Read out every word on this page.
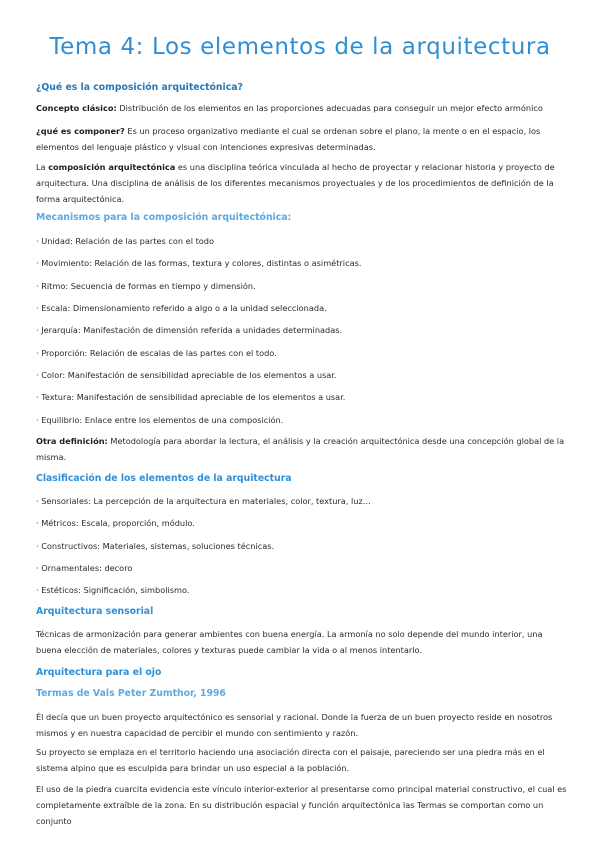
Tema 4: Los elementos de la arquitectura
¿Qué es la composición arquitectónica?
Concepto clásico: Distribución de los elementos en las proporciones adecuadas para conseguir un mejor efecto armónico
¿qué es componer? Es un proceso organizativo mediante el cual se ordenan sobre el plano, la mente o en el espacio, los elementos del lenguaje plástico y visual con intenciones expresivas determinadas.
La composición arquitectónica es una disciplina teórica vinculada al hecho de proyectar y relacionar historia y proyecto de arquitectura. Una disciplina de análisis de los diferentes mecanismos proyectuales y de los procedimientos de definición de la forma arquitectónica.
Mecanismos para la composición arquitectónica:
· Unidad: Relación de las partes con el todo
· Movimiento: Relación de las formas, textura y colores, distintas o asimétricas.
· Ritmo: Secuencia de formas en tiempo y dimensión.
· Escala: Dimensionamiento referido a algo o a la unidad seleccionada.
· Jerarquía: Manifestación de dimensión referida a unidades determinadas.
· Proporción: Relación de escalas de las partes con el todo.
· Color: Manifestación de sensibilidad apreciable de los elementos a usar.
· Textura: Manifestación de sensibilidad apreciable de los elementos a usar.
· Equilibrio: Enlace entre los elementos de una composición.
Otra definición: Metodología para abordar la lectura, el análisis y la creación arquitectónica desde una concepción global de la misma.
Clasificación de los elementos de la arquitectura
· Sensoriales: La percepción de la arquitectura en materiales, color, textura, luz…
· Métricos: Escala, proporción, módulo.
· Constructivos: Materiales, sistemas, soluciones técnicas.
· Ornamentales: decoro
· Estéticos: Significación, simbolismo.
Arquitectura sensorial
Técnicas de armonización para generar ambientes con buena energía. La armonía no solo depende del mundo interior, una buena elección de materiales, colores y texturas puede cambiar la vida o al menos intentarlo.
Arquitectura para el ojo
Termas de Vals Peter Zumthor, 1996
Él decía que un buen proyecto arquitectónico es sensorial y racional. Donde la fuerza de un buen proyecto reside en nosotros mismos y en nuestra capacidad de percibir el mundo con sentimiento y razón.
Su proyecto se emplaza en el territorio haciendo una asociación directa con el paisaje, pareciendo ser una piedra más en el sistema alpino que es esculpida para brindar un uso especial a la población.
El uso de la piedra cuarcita evidencia este vínculo interior-exterior al presentarse como principal material constructivo, el cual es completamente extraíble de la zona. En su distribución espacial y función arquitectónica las Termas se comportan como un conjunto
